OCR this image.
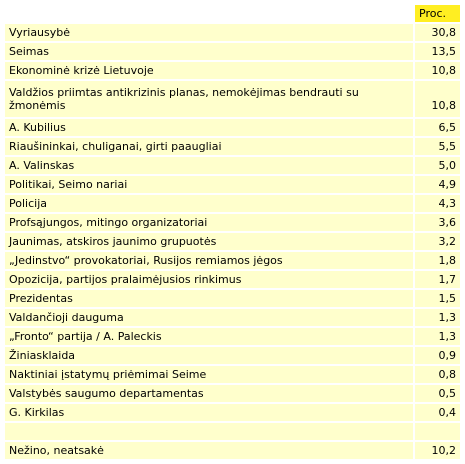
	Proc.
Vyriausybė	30,8
Seimas	13,5
Ekonominė krizė Lietuvoje	10,8
Valdžios priimtas antikrizinis planas, nemokėjimas bendrauti su žmonėmis	10,8
A. Kubilius	6,5
Riaušininkai, chuliganai, girti paaugliai	5,5
A. Valinskas	5,0
Politikai, Seimo nariai	4,9
Policija	4,3
Profsąjungos, mitingo organizatoriai	3,6
Jaunimas, atskiros jaunimo grupuotės	3,2
„Jedinstvo“ provokatoriai, Rusijos remiamos jėgos	1,8
Opozicija, partijos pralaimėjusios rinkimus	1,7
Prezidentas	1,5
Valdančioji dauguma	1,3
„Fronto“ partija / A. Paleckis	1,3
Žiniasklaida	0,9
Naktiniai įstatymų priėmimai Seime	0,8
Valstybės saugumo departamentas	0,5
G. Kirkilas	0,4

Nežino, neatsakė	10,2
